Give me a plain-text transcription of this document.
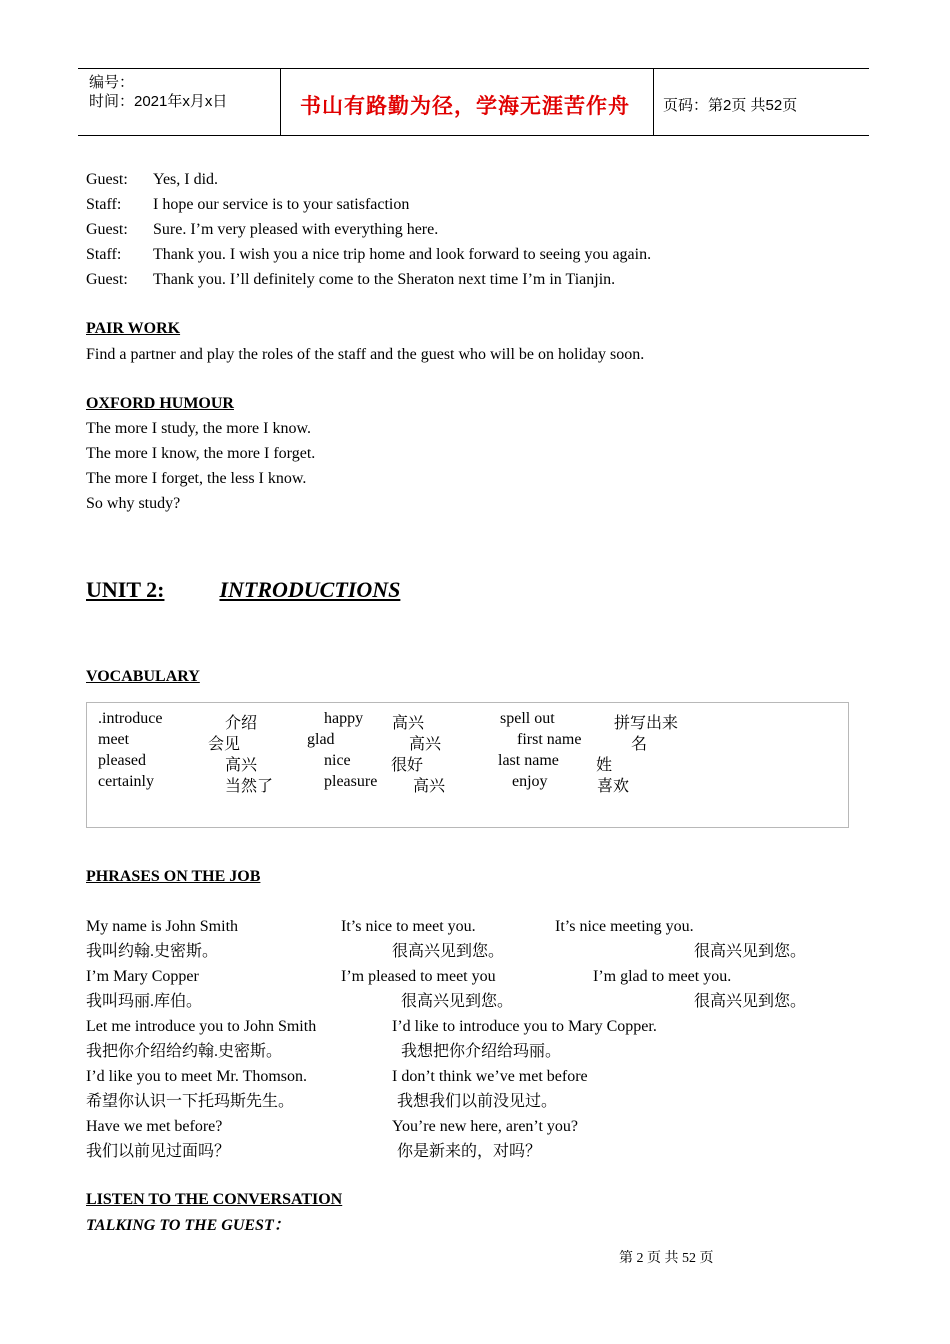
编号：
时间：2021年x月x日	书山有路勤为径，学海无涯苦作舟 页码：第2页 共52页
Guest: Yes, I did.
Staff: I hope our service is to your satisfaction
Guest: Sure. I’m very pleased with everything here.
Staff: Thank you. I wish you a nice trip home and look forward to seeing you again.
Guest: Thank you. I’ll definitely come to the Sheraton next time I’m in Tianjin.
PAIR WORK
Find a partner and play the roles of the staff and the guest who will be on holiday soon.
OXFORD HUMOUR
The more I study, the more I know.
The more I know, the more I forget.
The more I forget, the less I know.
So why study?
UNIT 2:	INTRODUCTIONS
VOCABULARY
.introduce	介绍	happy 高兴	spell out	拼写出来
meet	会见	glad	高兴	first name	名
pleased	高兴	nice	很好	last name 姓
certainly	当然了	pleasure 高兴	enjoy	喜欢
PHRASES ON THE JOB
My name is John Smith	It’s nice to meet you.	It’s nice meeting you.
我叫约翰.史密斯。	很高兴见到您。	很高兴见到您。
I’m Mary Copper	I’m pleased to meet you	I’m glad to meet you.
我叫玛丽.库伯。	很高兴见到您。	很高兴见到您。
Let me introduce you to John Smith	I’d like to introduce you to Mary Copper.
我把你介绍给约翰.史密斯。	我想把你介绍给玛丽。
I’d like you to meet Mr. Thomson.	I don’t think we’ve met before
希望你认识一下托玛斯先生。	我想我们以前没见过。
Have we met before?	You’re new here, aren’t you?
我们以前见过面吗？	你是新来的，对吗？
LISTEN TO THE CONVERSATION
TALKING TO THE GUEST：
第 2 页 共 52 页
